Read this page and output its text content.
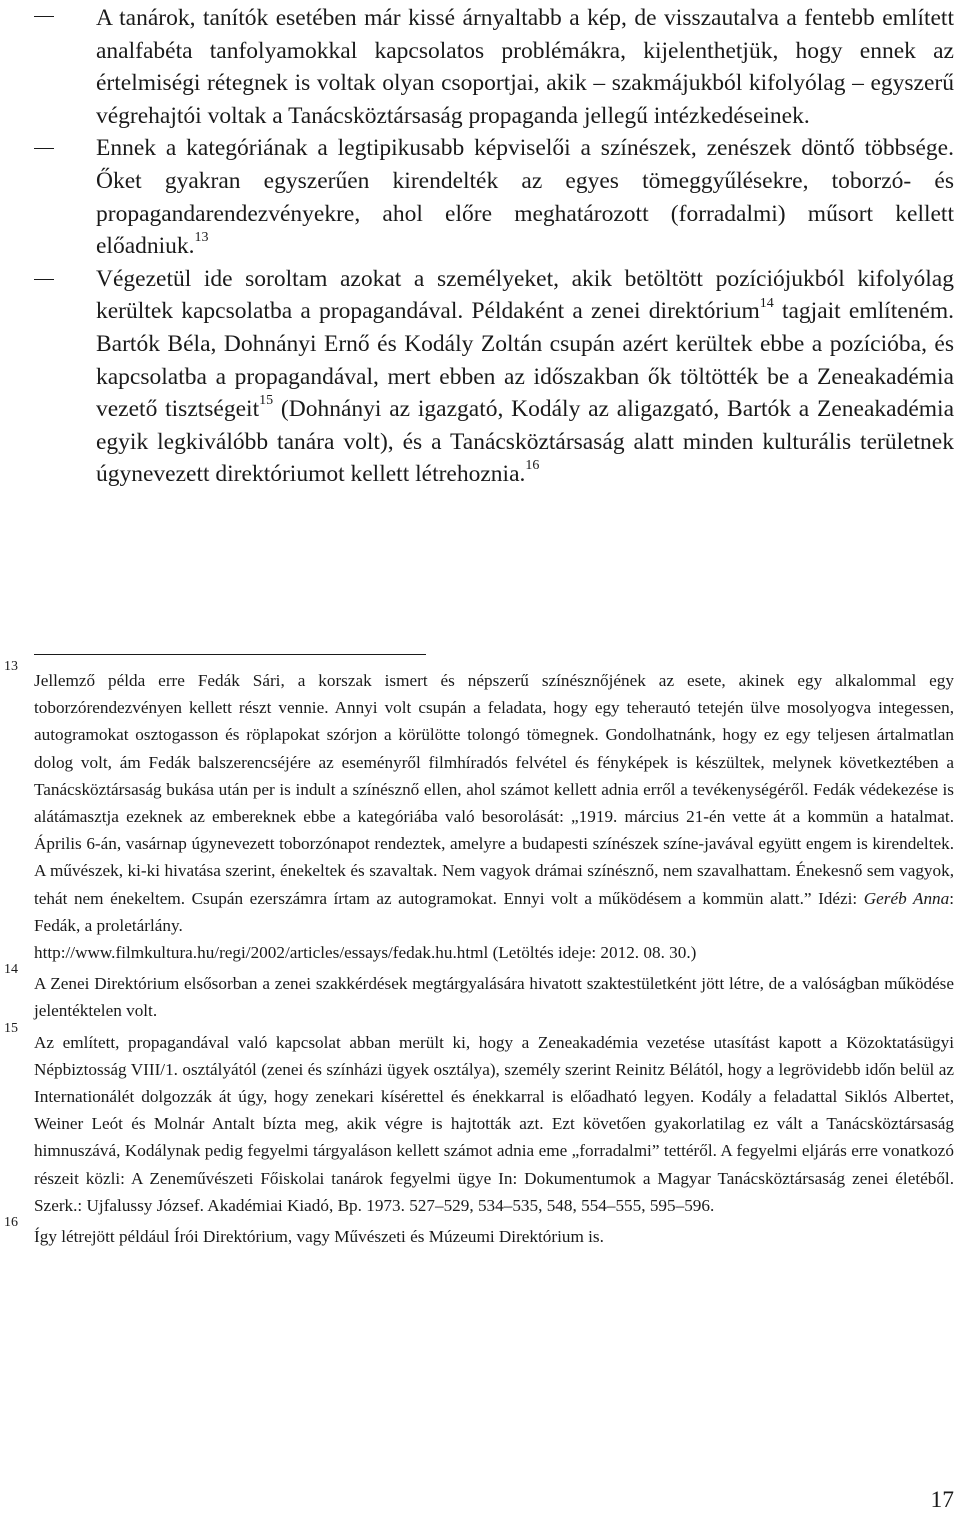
A tanárok, tanítók esetében már kissé árnyaltabb a kép, de visszautalva a fentebb említett analfabéta tanfolyamokkal kapcsolatos problémákra, kijelenthetjük, hogy ennek az értelmiségi rétegnek is voltak olyan csoportjai, akik – szakmájukból kifolyólag – egyszerű végrehajtói voltak a Tanácsköztársaság propaganda jellegű intézkedéseinek.
Ennek a kategóriának a legtipikusabb képviselői a színészek, zenészek döntő többsége. Őket gyakran egyszerűen kirendelték az egyes tömeggyűlésekre, toborzó- és propagandarendezvényekre, ahol előre meghatározott (forradalmi) műsort kellett előadniuk.$^{13}$
Végezetül ide soroltam azokat a személyeket, akik betöltött pozíciójukból kifolyólag kerültek kapcsolatba a propagandával. Példaként a zenei direktórium$^{14}$ tagjait említeném. Bartók Béla, Dohnányi Ernő és Kodály Zoltán csupán azért kerültek ebbe a pozícióba, és kapcsolatba a propagandával, mert ebben az időszakban ők töltötték be a Zeneakadémia vezető tisztségeit$^{15}$ (Dohnányi az igazgató, Kodály az aligazgató, Bartók a Zeneakadémia egyik legkiválóbb tanára volt), és a Tanácsköztársaság alatt minden kulturális területnek úgynevezett direktóriumot kellett létrehoznia.$^{16}$
13
Jellemző példa erre Fedák Sári, a korszak ismert és népszerű színésznőjének az esete, akinek egy alkalommal egy toborzórendezvényen kellett részt vennie. Annyi volt csupán a feladata, hogy egy teherautó tetején ülve mosolyogva integessen, autogramokat osztogasson és röplapokat szórjon a körülötte tolongó tömegnek. Gondolhatnánk, hogy ez egy teljesen ártalmatlan dolog volt, ám Fedák balszerencséjére az eseményről filmhíradós felvétel és fényképek is készültek, melynek következtében a Tanácsköztársaság bukása után per is indult a színésznő ellen, ahol számot kellett adnia erről a tevékenységéről. Fedák védekezése is alátámasztja ezeknek az embereknek ebbe a kategóriába való besorolását: „1919. március 21-én vette át a kommün a hatalmat. Április 6-án, vasárnap úgynevezett toborzónapot rendeztek, amelyre a budapesti színészek színe-javával együtt engem is kirendeltek. A művészek, ki-ki hivatása szerint, énekeltek és szavaltak. Nem vagyok drámai színésznő, nem szavalhattam. Énekesnő sem vagyok, tehát nem énekeltem. Csupán ezerszámra írtam az autogramokat. Ennyi volt a működésem a kommün alatt.” Idézi: Geréb Anna: Fedák, a proletárlány.
http://www.filmkultura.hu/regi/2002/articles/essays/fedak.hu.html (Letöltés ideje: 2012. 08. 30.)
14
A Zenei Direktórium elsősorban a zenei szakkérdések megtárgyalására hivatott szaktestületként jött létre, de a valóságban működése jelentéktelen volt.
15
Az említett, propagandával való kapcsolat abban merült ki, hogy a Zeneakadémia vezetése utasítást kapott a Közoktatásügyi Népbiztosság VIII/1. osztályától (zenei és színházi ügyek osztálya), személy szerint Reinitz Bélától, hogy a legrövidebb időn belül az Internationálét dolgozzák át úgy, hogy zenekari kísérettel és énekkarral is előadható legyen. Kodály a feladattal Siklós Albertet, Weiner Leót és Molnár Antalt bízta meg, akik végre is hajtották azt. Ezt követően gyakorlatilag ez vált a Tanácsköztársaság himnuszává, Kodálynak pedig fegyelmi tárgyaláson kellett számot adnia eme „forradalmi” tettéről. A fegyelmi eljárás erre vonatkozó részeit közli: A Zeneművészeti Főiskolai tanárok fegyelmi ügye In: Dokumentumok a Magyar Tanácsköztársaság zenei életéből. Szerk.: Ujfalussy József. Akadémiai Kiadó, Bp. 1973. 527–529, 534–535, 548, 554–555, 595–596.
16
Így létrejött például Írói Direktórium, vagy Művészeti és Múzeumi Direktórium is.
17
